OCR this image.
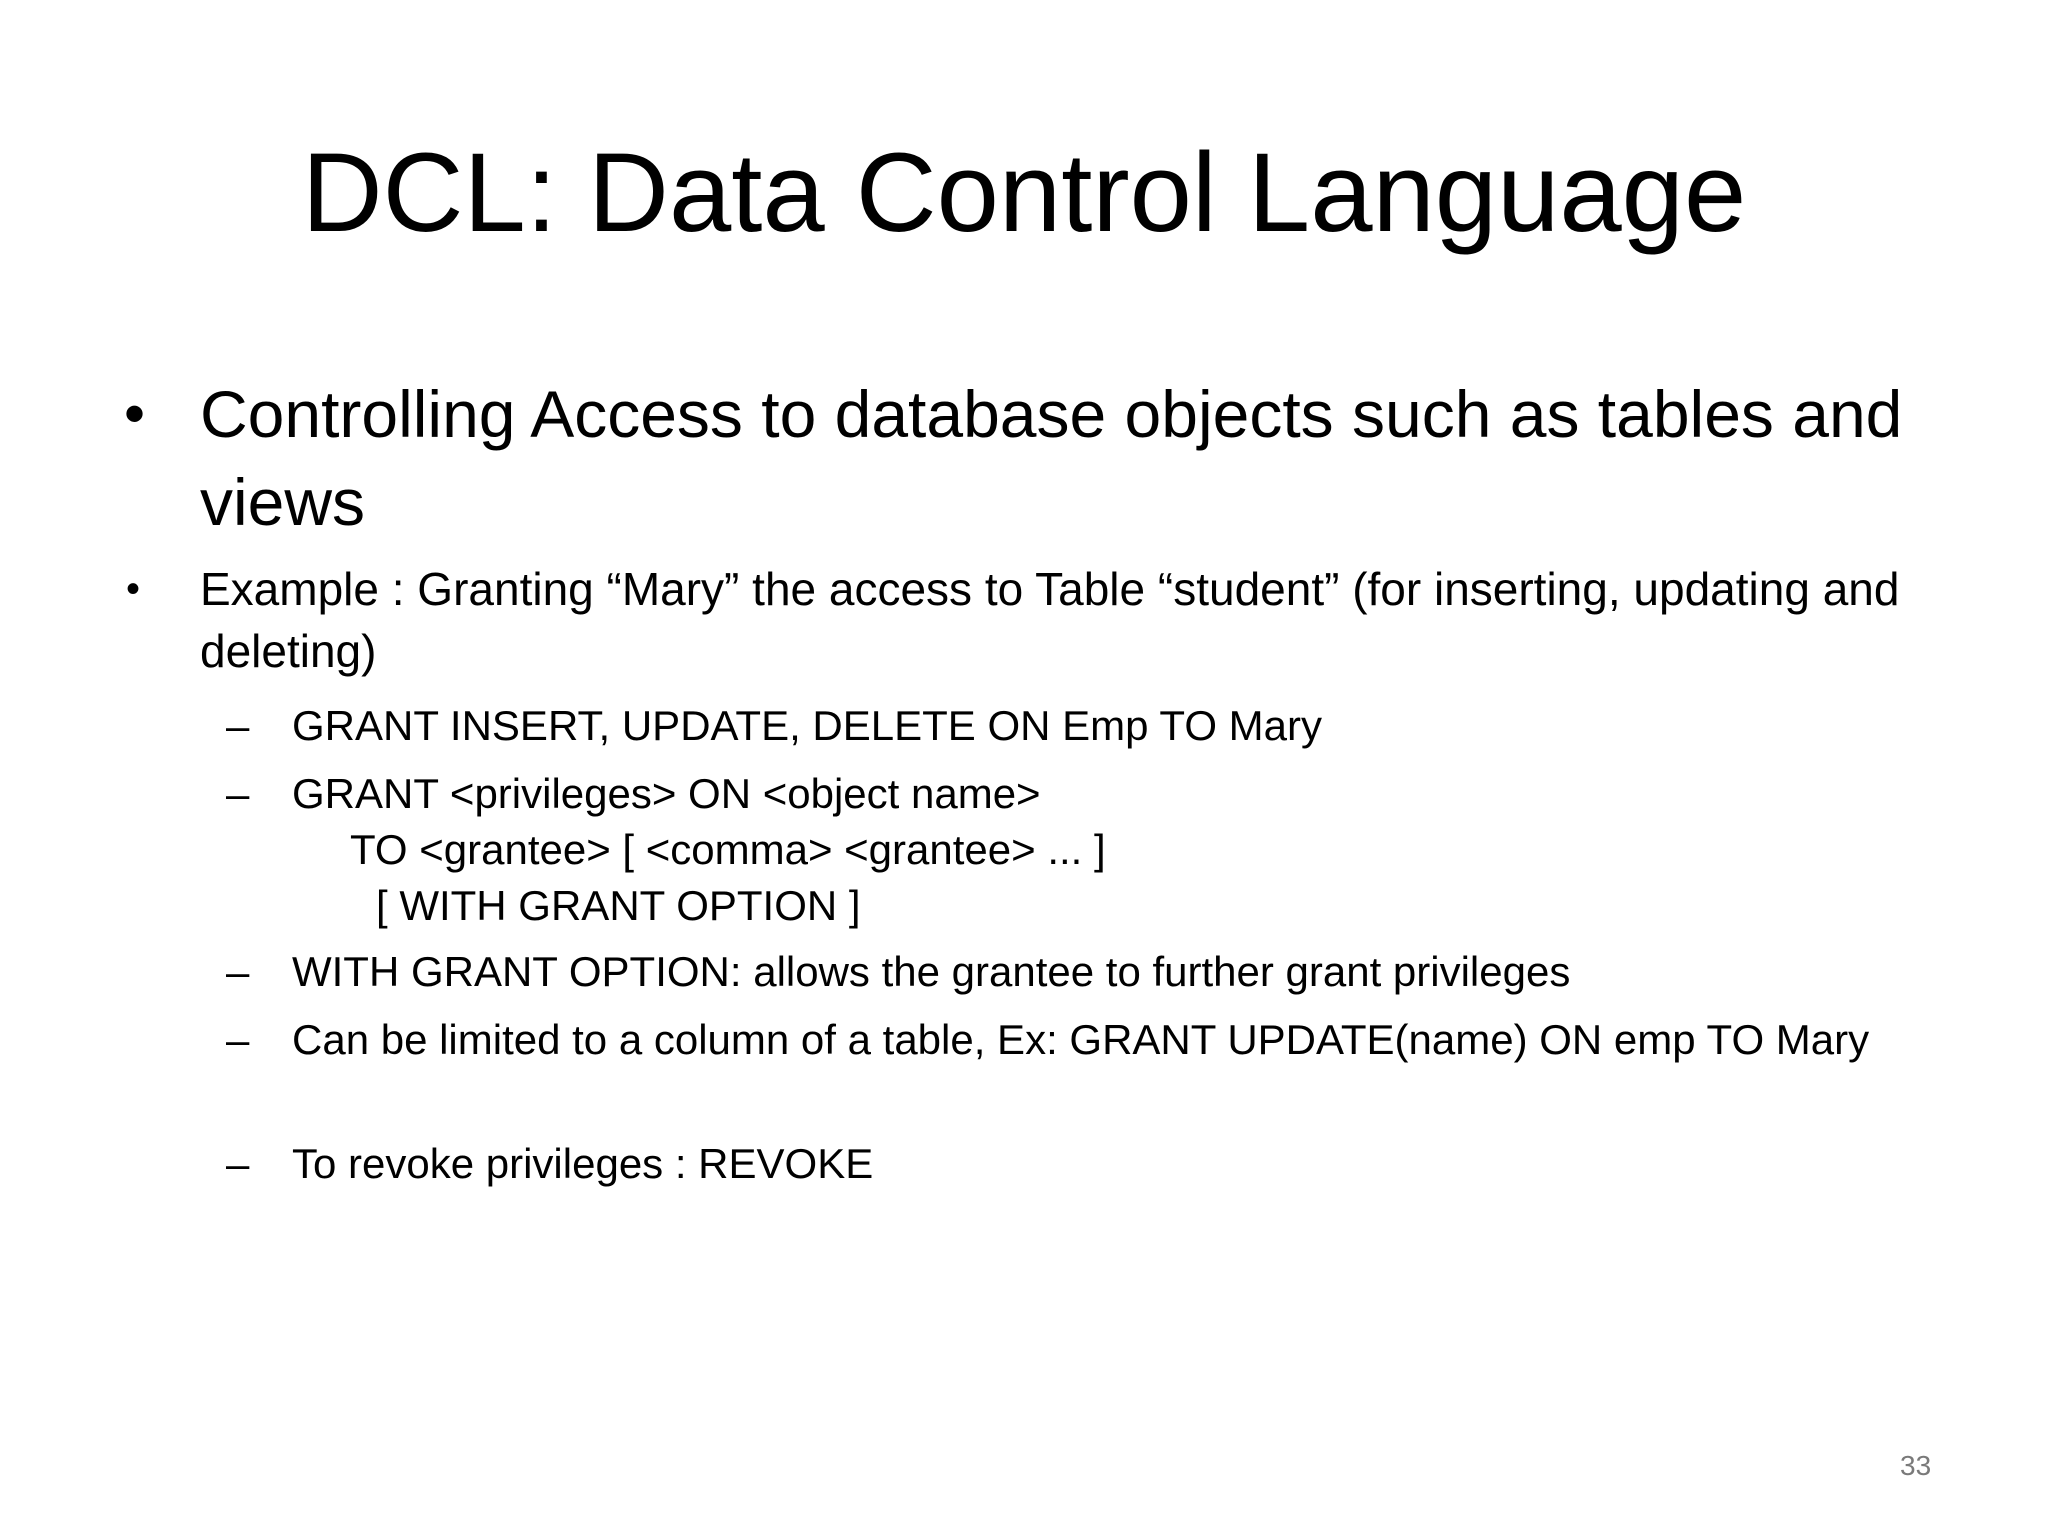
DCL: Data Control Language
• Controlling Access to database objects such as tables and views
• Example : Granting “Mary” the access to Table “student” (for inserting, updating and deleting)
– GRANT INSERT, UPDATE, DELETE ON Emp TO Mary
– GRANT <privileges> ON <object name>
TO <grantee> [ <comma> <grantee> ... ]
[ WITH GRANT OPTION ]
– WITH GRANT OPTION: allows the grantee to further grant privileges
– Can be limited to a column of a table, Ex: GRANT UPDATE(name) ON emp TO Mary
– To revoke privileges : REVOKE
33
